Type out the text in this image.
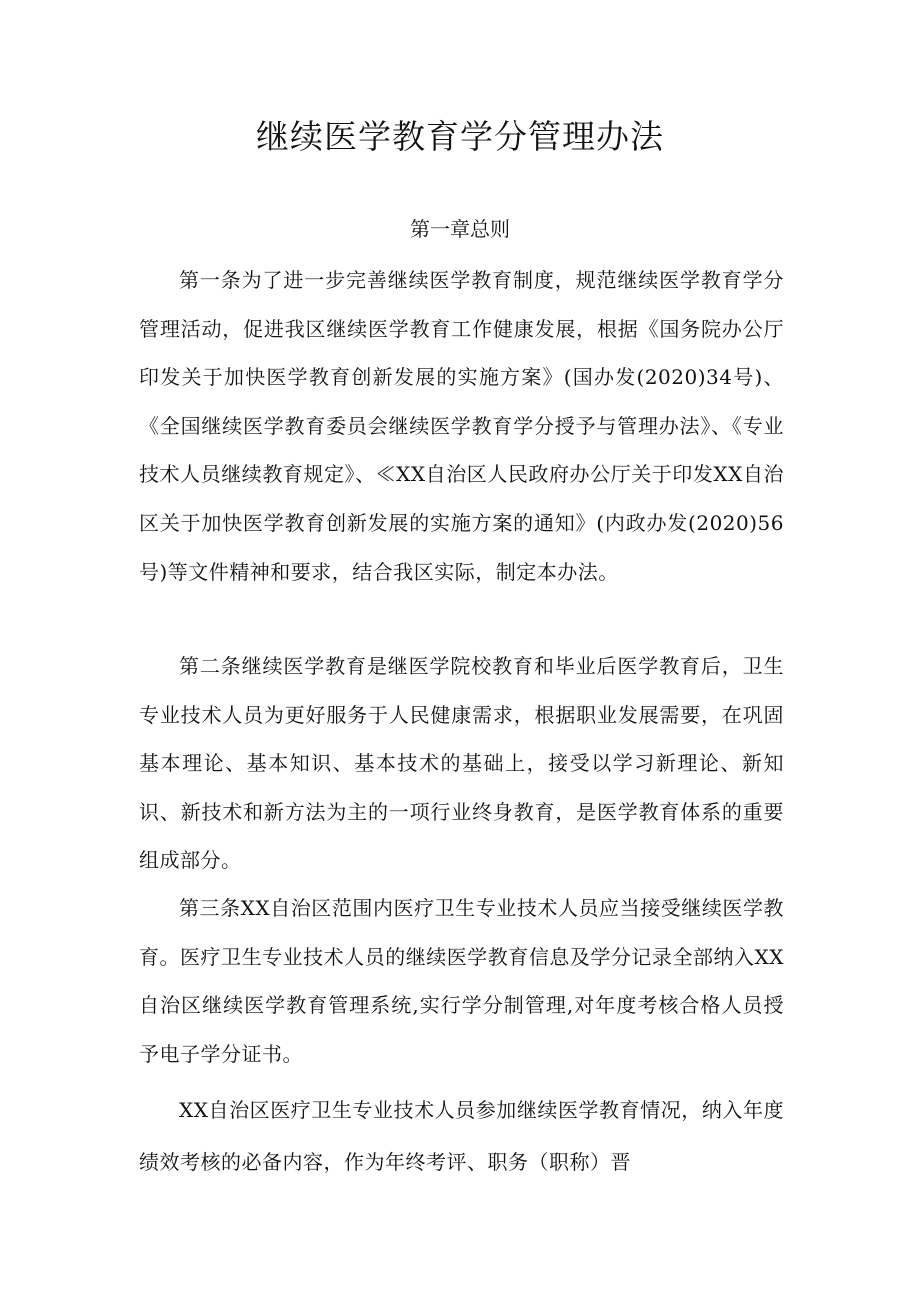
继续医学教育学分管理办法
第一章总则

第一条为了进一步完善继续医学教育制度，规范继续医学教育学分管理活动，促进我区继续医学教育工作健康发展，根据《国务院办公厅印发关于加快医学教育创新发展的实施方案》(国办发(2020)34号)、《全国继续医学教育委员会继续医学教育学分授予与管理办法》、《专业技术人员继续教育规定》、≪XX自治区人民政府办公厅关于印发XX自治区关于加快医学教育创新发展的实施方案的通知》(内政办发(2020)56号)等文件精神和要求，结合我区实际，制定本办法。

第二条继续医学教育是继医学院校教育和毕业后医学教育后，卫生专业技术人员为更好服务于人民健康需求，根据职业发展需要，在巩固基本理论、基本知识、基本技术的基础上，接受以学习新理论、新知识、新技术和新方法为主的一项行业终身教育，是医学教育体系的重要组成部分。

第三条XX自治区范围内医疗卫生专业技术人员应当接受继续医学教育。医疗卫生专业技术人员的继续医学教育信息及学分记录全部纳入XX自治区继续医学教育管理系统,实行学分制管理,对年度考核合格人员授予电子学分证书。

XX自治区医疗卫生专业技术人员参加继续医学教育情况，纳入年度绩效考核的必备内容，作为年终考评、职务（职称）晋
